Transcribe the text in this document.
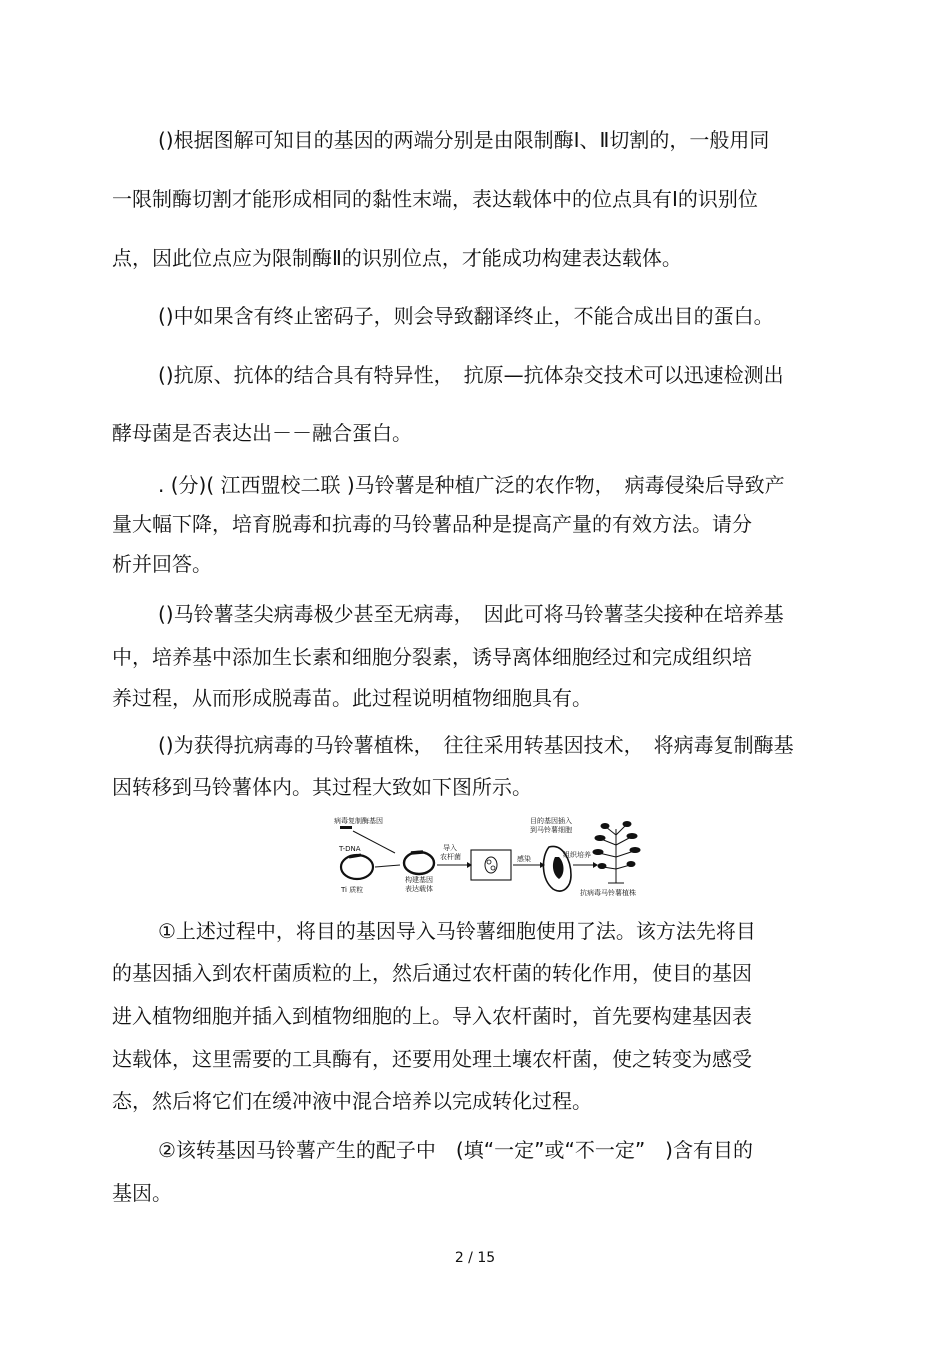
()根据图解可知目的基因的两端分别是由限制酶Ⅰ、Ⅱ切割的，一般用同
一限制酶切割才能形成相同的黏性末端，表达载体中的位点具有Ⅰ的识别位
点，因此位点应为限制酶Ⅱ的识别位点，才能成功构建表达载体。
()中如果含有终止密码子，则会导致翻译终止，不能合成出目的蛋白。
()抗原、抗体的结合具有特异性，　抗原—抗体杂交技术可以迅速检测出
酵母菌是否表达出－－融合蛋白。
. (分)( 江西盟校二联 )马铃薯是种植广泛的农作物，　病毒侵染后导致产
量大幅下降，培育脱毒和抗毒的马铃薯品种是提高产量的有效方法。请分
析并回答。
()马铃薯茎尖病毒极少甚至无病毒，　因此可将马铃薯茎尖接种在培养基
中，培养基中添加生长素和细胞分裂素，诱导离体细胞经过和完成组织培
养过程，从而形成脱毒苗。此过程说明植物细胞具有。
()为获得抗病毒的马铃薯植株，　往往采用转基因技术，　将病毒复制酶基
因转移到马铃薯体内。其过程大致如下图所示。
①上述过程中，将目的基因导入马铃薯细胞使用了法。该方法先将目
的基因插入到农杆菌质粒的上，然后通过农杆菌的转化作用，使目的基因
进入植物细胞并插入到植物细胞的上。导入农杆菌时，首先要构建基因表
达载体，这里需要的工具酶有，还要用处理土壤农杆菌，使之转变为感受
态，然后将它们在缓冲液中混合培养以完成转化过程。
②该转基因马铃薯产生的配子中　(填“一定”或“不一定”　)含有目的
基因。
病毒复制酶基因
T-DNA
Ti 质粒
构建基因
表达载体
导入
农杆菌	感染
目的基因插入
到马铃薯细胞
组织培养
抗病毒马铃薯植株
2 / 15
